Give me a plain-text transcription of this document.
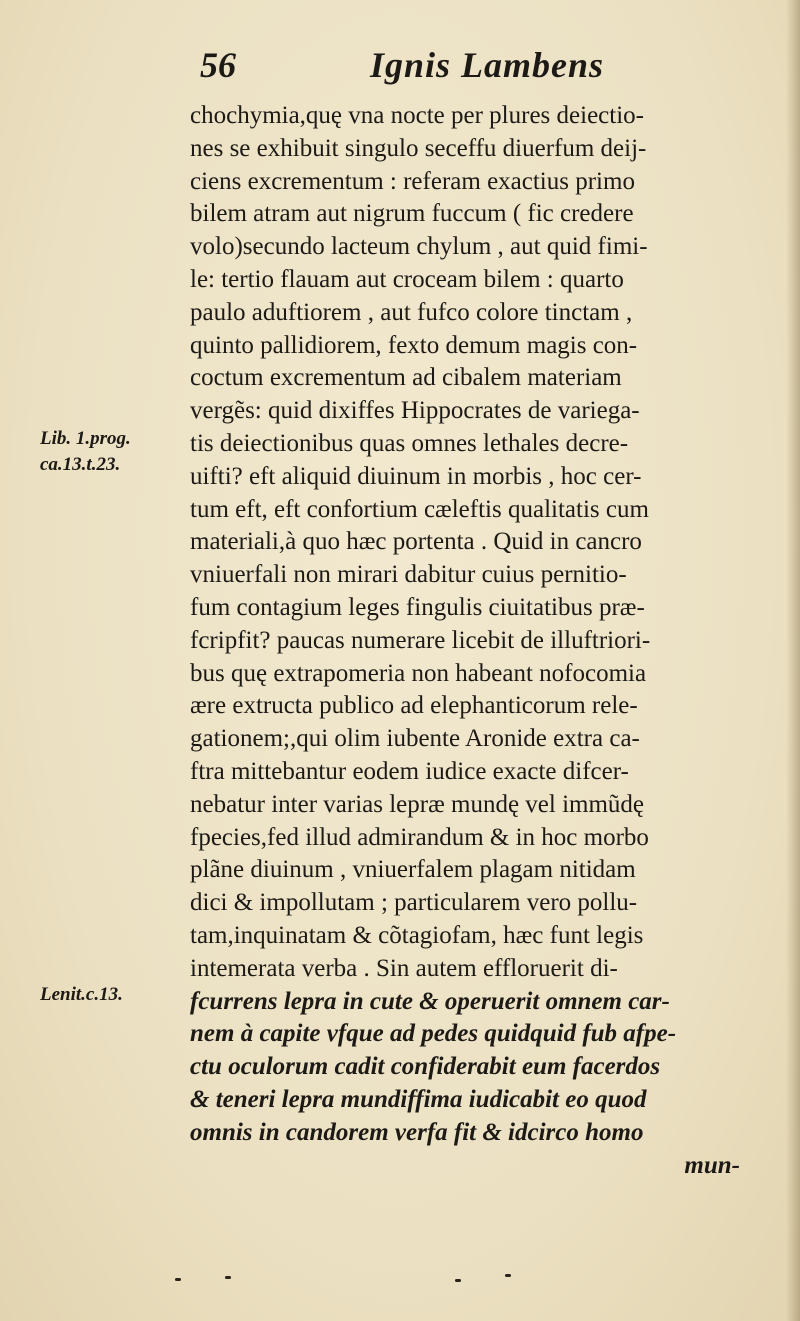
56	Ignis Lambens
Lib. 1.prog.
ca.13.t.23.
Lenit.c.13.
chochymia,quę vna nocte per plures deiectio-
nes se exhibuit singulo seceffu diuerfum deij-
ciens excrementum : referam exactius primo
bilem atram aut nigrum fuccum ( fic credere
volo)secundo lacteum chylum , aut quid fimi-
le: tertio flauam aut croceam bilem : quarto
paulo aduftiorem , aut fufco colore tinctam ,
quinto pallidiorem, fexto demum magis con-
coctum excrementum ad cibalem materiam
vergẽs: quid dixiffes Hippocrates de variega-
tis deiectionibus quas omnes lethales decre-
uifti? eft aliquid diuinum in morbis , hoc cer-
tum eft, eft confortium cæleftis qualitatis cum
materiali,à quo hæc portenta . Quid in cancro
vniuerfali non mirari dabitur cuius pernitio-
fum contagium leges fingulis ciuitatibus præ-
fcripfit? paucas numerare licebit de illuftriori-
bus quę extrapomeria non habeant nofocomia
ære extructa publico ad elephanticorum rele-
gationem;,qui olim iubente Aronide extra ca-
ftra mittebantur eodem iudice exacte difcer-
nebatur inter varias lepræ mundę vel immũdę
fpecies,fed illud admirandum & in hoc morbo
plãne diuinum , vniuerfalem plagam nitidam
dici & impollutam ; particularem vero pollu-
tam,inquinatam & cõtagiofam, hæc funt legis
intemerata verba . Sin autem effloruerit di-
fcurrens lepra in cute & operuerit omnem car-
nem à capite vfque ad pedes quidquid fub afpe-
ctu oculorum cadit confiderabit eum facerdos
& teneri lepra mundiffima iudicabit eo quod
omnis in candorem verfa fit & idcirco homo
mun-
